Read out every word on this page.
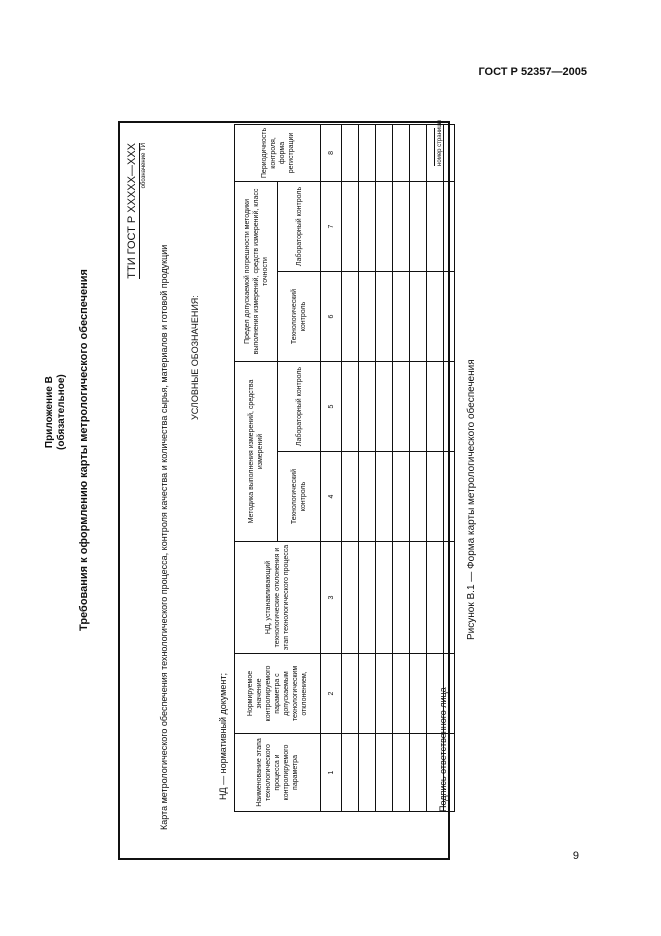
ГОСТ Р 52357—2005
Приложение В (обязательное) Требования к оформлению карты метрологического обеспечения
ТТИ ГОСТ Р ХХХХХ—ХХХ обозначение ТИ
Карта метрологического обеспечения технологического процесса, контроля качества и количества сырья, материалов и готовой продукции УСЛОВНЫЕ ОБОЗНАЧЕНИЯ:
НД — нормативный документ;	Наименование этапа технологического процесса и контролируемого параметра	Нормируемое значение контролируемого параметра с допускаемым технологическим отклонением,	НД, устанавливающий технологические отклонения и этап технологического процесса	Методика выполнения измерений, средства измерений		Предел допускаемой погрешности методики выполнения измерений, средств измерений, класс точности		Периодичность контроля, форма регистрации
			Технологический контроль	Лабораторный контроль	Технологический контроль	Лабораторный контроль	
1	2	3	4	5	6	7	8

Подпись ответственного лица
номер страницы
Рисунок В.1 — Форма карты метрологического обеспечения
9
